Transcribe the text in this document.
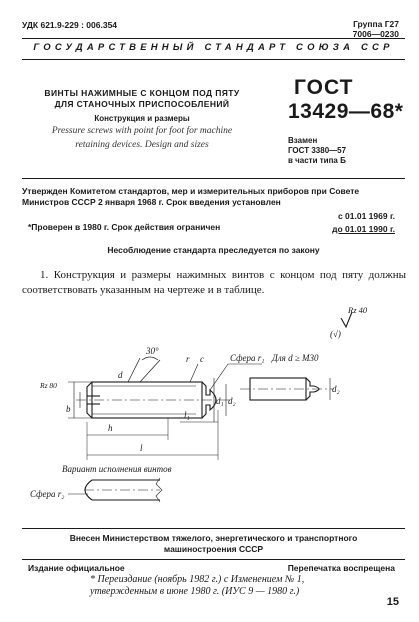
УДК 621.9-229 : 006.354	Группа Г27
7006—0230
ГОСУДАРСТВЕННЫЙ СТАНДАРТ СОЮЗА ССР
ВИНТЫ НАЖИМНЫЕ С КОНЦОМ ПОД ПЯТУ
ДЛЯ СТАНОЧНЫХ ПРИСПОСОБЛЕНИЙ
Конструкция и размеры
Pressure screws with point for foot for machine
retaining devices. Design and sizes
ГОСТ
13429—68*
Взамен
ГОСТ 3380—57
в части типа Б
Утвержден Комитетом стандартов, мер и измерительных приборов при Совете Министров СССР 2 января 1968 г. Срок введения установлен
с 01.01 1969 г.
*Проверен в 1980 г. Срок действия ограничен	до 01.01 1990 г.
Несоблюдение стандарта преследуется по закону
1. Конструкция и размеры нажимных винтов с концом под пяту должны соответствовать указанным на чертеже и в таблице.
(√)
30°
r c	Сфера r₁ Для d ≥ M30
Rz 80
d
d₁ d₂
d₂
b
h
l₁
l
Вариант исполнения винтов
Сфера r₂
Rz 40
Внесен Министерством тяжелого, энергетического и транспортного
машиностроения СССР
Издание официальное	Перепечатка воспрещена
* Переиздание (ноябрь 1982 г.) с Изменением № 1,
утвержденным в июне 1980 г. (ИУС 9 — 1980 г.)
15
